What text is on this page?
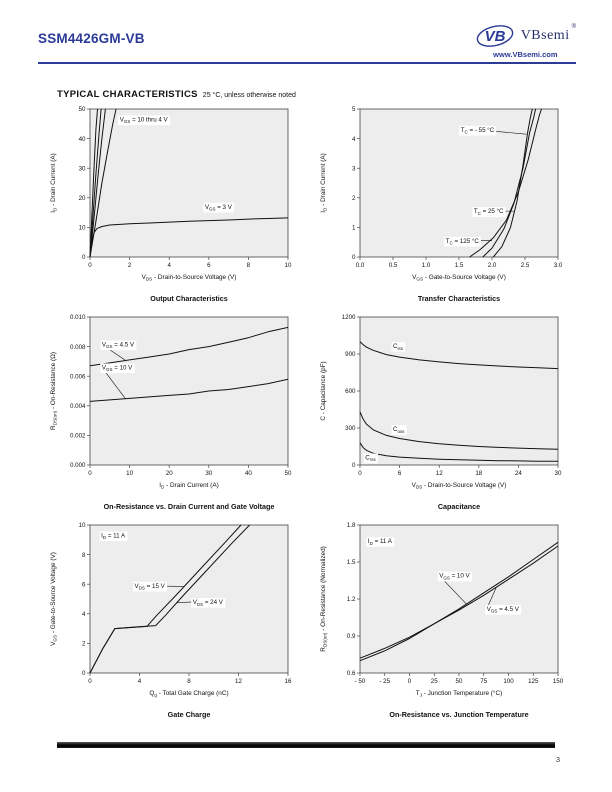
SSM4426GM-VB	VB VBsemi
®
www.VBsemi.com
TYPICAL CHARACTERISTICS 25 °C, unless otherwise noted
0	2	4	6	8	10
0
10
20
30
40
50
$V_{DS}$ - Drain-to-Source Voltage (V)
$I_D$ - Drain Current (A)
$V_{GS} = 10$ thru 4 V
$V_{GS} = 3$ V
Output Characteristics
0.0	0.5	1.0	1.5	2.0	2.5	3.0
0
1
2
3
4
5
$V_{GS}$ - Gate-to-Source Voltage (V)
$I_D$ - Drain Current (A)
$T_C$ = - 55 °C
$T_C = 25$ °C
$T_C = 125$ °C
Transfer Characteristics
0	10	20	30	40	50
0.000
0.002
0.004
0.006
0.008
0.010
$I_D$ - Drain Current (A)
$R_{DS(on)}$ - On-Resistance (Ω)
$V_{GS} = 4.5$ V
$V_{GS} = 10$ V
On-Resistance vs. Drain Current and Gate Voltage
0	6	12	18	24	30
0
300
600
900
1200
$V_{DS}$ - Drain-to-Source Voltage (V)
C - Capacitance (pF)
$C_{iss}$
$C_{oss}$
$C_{rss}$
Capacitance
0	4	8	12	16
0
2
4
6
8
10
$Q_g$ - Total Gate Charge (nC)
$V_{GS}$ - Gate-to-Source Voltage (V)
$I_D = 11$ A
$V_{DS} = 15$ V
$V_{DS} = 24$ V
Gate Charge
- 50 - 25	0	25	50	75	100 125 150
0.6
0.9
1.2
1.5
1.8
$T_J$ - Junction Temperature (°C)
$R_{DS(on)}$ - On-Resistance (Normalized)
$I_D = 11$ A
$V_{GS} = 10$ V
$V_{GS} = 4.5$ V
On-Resistance vs. Junction Temperature
3
